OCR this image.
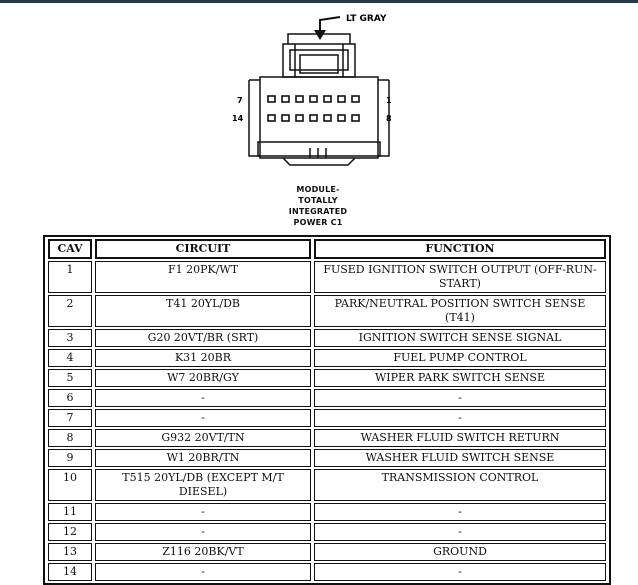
LT GRAY
7	1
14	8
MODULE-
TOTALLY
INTEGRATED
POWER C1
CAV	CIRCUIT	FUNCTION
1	F1 20PK/WT	FUSED IGNITION SWITCH OUTPUT (OFF-RUN-START)
2	T41 20YL/DB	PARK/NEUTRAL POSITION SWITCH SENSE (T41)
3	G20 20VT/BR (SRT)	IGNITION SWITCH SENSE SIGNAL
4	K31 20BR	FUEL PUMP CONTROL
5	W7 20BR/GY	WIPER PARK SWITCH SENSE
6	-	-
7	-	-
8	G932 20VT/TN	WASHER FLUID SWITCH RETURN
9	W1 20BR/TN	WASHER FLUID SWITCH SENSE
10	T515 20YL/DB (EXCEPT M/T DIESEL)	TRANSMISSION CONTROL
11	-	-
12	-	-
13	Z116 20BK/VT	GROUND
14	-	-
